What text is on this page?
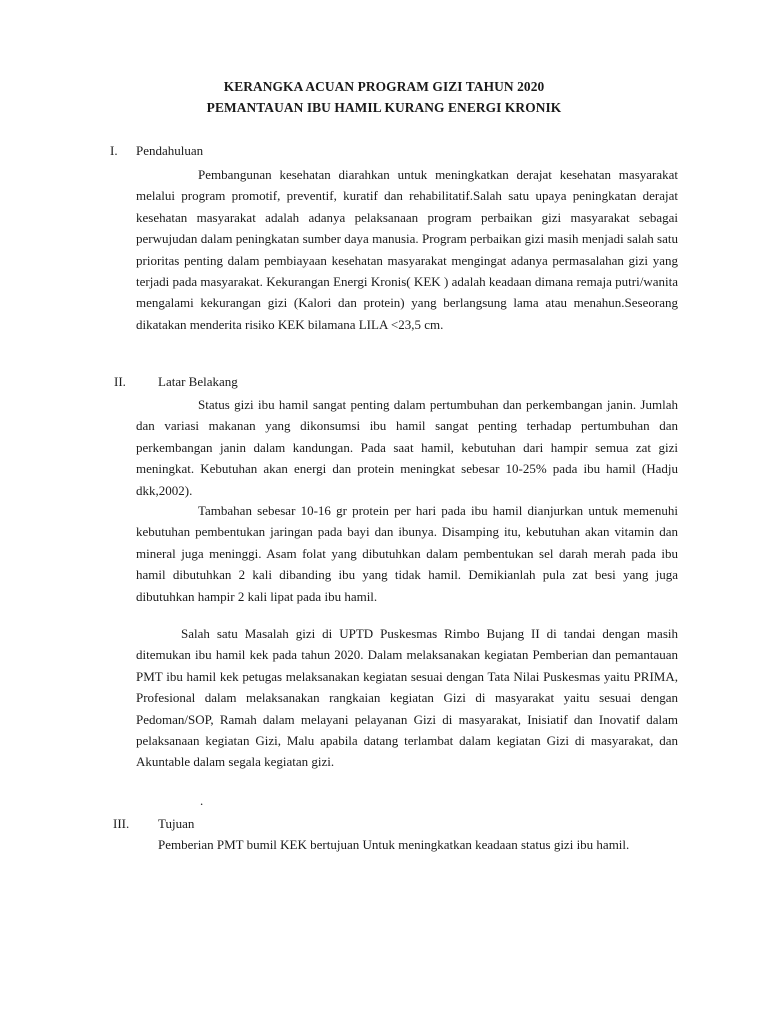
KERANGKA ACUAN PROGRAM GIZI TAHUN 2020
PEMANTAUAN IBU HAMIL KURANG ENERGI KRONIK
I. Pendahuluan

Pembangunan kesehatan diarahkan untuk meningkatkan derajat kesehatan masyarakat melalui program promotif, preventif, kuratif dan rehabilitatif.Salah satu upaya peningkatan derajat kesehatan masyarakat adalah adanya pelaksanaan program perbaikan gizi masyarakat sebagai perwujudan dalam peningkatan sumber daya manusia. Program perbaikan gizi masih menjadi salah satu prioritas penting dalam pembiayaan kesehatan masyarakat mengingat adanya permasalahan gizi yang terjadi pada masyarakat. Kekurangan Energi Kronis( KEK ) adalah keadaan dimana remaja putri/wanita mengalami kekurangan gizi (Kalori dan protein) yang berlangsung lama atau menahun.Seseorang dikatakan menderita risiko KEK bilamana LILA <23,5 cm.

II. Latar Belakang

Status gizi ibu hamil sangat penting dalam pertumbuhan dan perkembangan janin. Jumlah dan variasi makanan yang dikonsumsi ibu hamil sangat penting terhadap pertumbuhan dan perkembangan janin dalam kandungan. Pada saat hamil, kebutuhan dari hampir semua zat gizi meningkat. Kebutuhan akan energi dan protein meningkat sebesar 10-25% pada ibu hamil (Hadju dkk,2002).

Tambahan sebesar 10-16 gr protein per hari pada ibu hamil dianjurkan untuk memenuhi kebutuhan pembentukan jaringan pada bayi dan ibunya. Disamping itu, kebutuhan akan vitamin dan mineral juga meninggi. Asam folat yang dibutuhkan dalam pembentukan sel darah merah pada ibu hamil dibutuhkan 2 kali dibanding ibu yang tidak hamil. Demikianlah pula zat besi yang juga dibutuhkan hampir 2 kali lipat pada ibu hamil.

Salah satu Masalah gizi di UPTD Puskesmas Rimbo Bujang II di tandai dengan masih ditemukan ibu hamil kek pada tahun 2020. Dalam melaksanakan kegiatan Pemberian dan pemantauan PMT ibu hamil kek petugas melaksanakan kegiatan sesuai dengan Tata Nilai Puskesmas yaitu PRIMA, Profesional dalam melaksanakan rangkaian kegiatan Gizi di masyarakat yaitu sesuai dengan Pedoman/SOP, Ramah dalam melayani pelayanan Gizi di masyarakat, Inisiatif dan Inovatif dalam pelaksanaan kegiatan Gizi, Malu apabila datang terlambat dalam kegiatan Gizi di masyarakat, dan Akuntable dalam segala kegiatan gizi.

.
III. Tujuan

Pemberian PMT bumil KEK bertujuan Untuk meningkatkan keadaan status gizi ibu hamil.
